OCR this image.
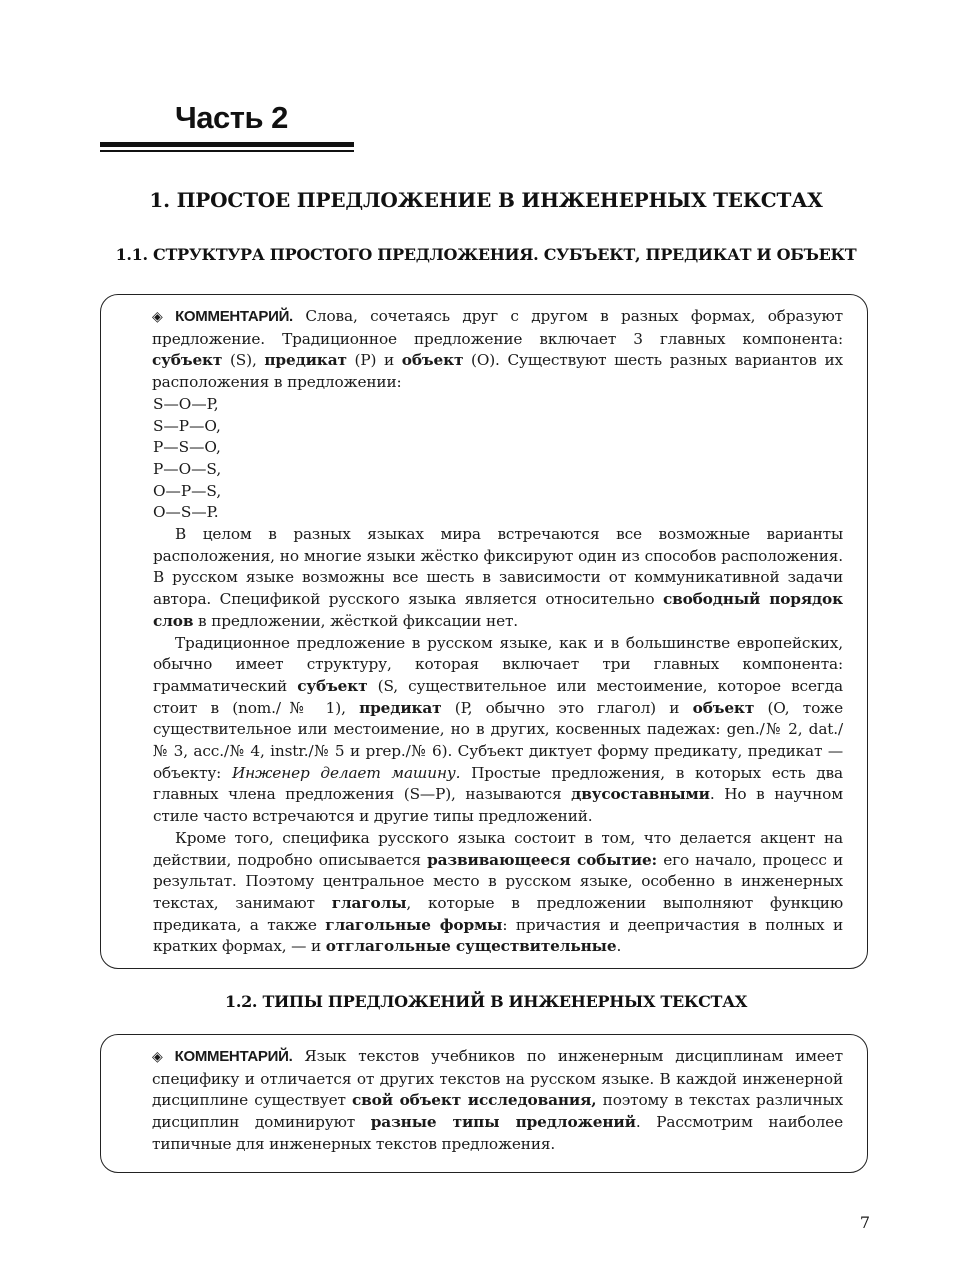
Часть 2
1. ПРОСТОЕ ПРЕДЛОЖЕНИЕ В ИНЖЕНЕРНЫХ ТЕКСТАХ
1.1. СТРУКТУРА ПРОСТОГО ПРЕДЛОЖЕНИЯ. СУБЪЕКТ, ПРЕДИКАТ И ОБЪЕКТ

◈ КОММЕНТАРИЙ. Слова, сочетаясь друг с другом в разных формах, образуют предложение. Традиционное предложение включает 3 главных компонента: субъект (S), предикат (P) и объект (O). Существуют шесть разных вариантов их расположения в предложении:

S—O—P,
S—P—O,
P—S—O,
P—O—S,
O—P—S,
O—S—P.

В целом в разных языках мира встречаются все возможные варианты расположения, но многие языки жёстко фиксируют один из способов расположения. В русском языке возможны все шесть в зависимости от коммуникативной задачи автора. Спецификой русского языка является относительно свободный порядок слов в предложении, жёсткой фиксации нет.

Традиционное предложение в русском языке, как и в большинстве европейских, обычно имеет структуру, которая включает три главных компонента: грамматический субъект (S, существительное или местоимение, которое всегда стоит в (nom./№ 1), предикат (P, обычно это глагол) и объект (O, тоже существительное или местоимение, но в других, косвенных падежах: gen./№ 2, dat./ № 3, acc./№ 4, instr./№ 5 и prep./№ 6). Субъект диктует форму предикату, предикат — объекту: Инженер делает машину. Простые предложения, в которых есть два главных члена предложения (S—P), называются двусоставными. Но в научном стиле часто встречаются и другие типы предложений.

Кроме того, специфика русского языка состоит в том, что делается акцент на действии, подробно описывается развивающееся событие: его начало, процесс и результат. Поэтому центральное место в русском языке, особенно в инженерных текстах, занимают глаголы, которые в предложении выполняют функцию предиката, а также глагольные формы: причастия и деепричастия в полных и кратких формах, — и отглагольные существительные.

1.2. ТИПЫ ПРЕДЛОЖЕНИЙ В ИНЖЕНЕРНЫХ ТЕКСТАХ

◈ КОММЕНТАРИЙ. Язык текстов учебников по инженерным дисциплинам имеет специфику и отличается от других текстов на русском языке. В каждой инженерной дисциплине существует свой объект исследования, поэтому в текстах различных дисциплин доминируют разные типы предложений. Рассмотрим наиболее типичные для инженерных текстов предложения.

7
